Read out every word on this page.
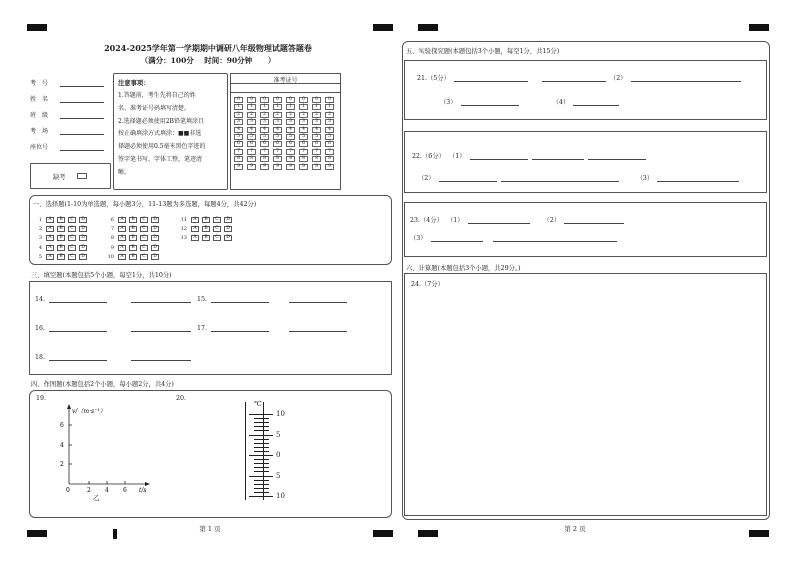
2024-2025学年第一学期期中调研八年级物理试题答题卷
（满分：100分    时间：90分钟      ）
考　号
姓　名
班　级
考　场
座位号
注意事项：
1.答题前，考生先将自己的姓
名、准考证号码填写清楚。
2.选择题必须使用2B铅笔填涂且
按正确填涂方式填涂：■■非选
择题必须使用0.5毫米黑色字迹的
签字笔书写，字体工整，笔迹清
晰。
准考证号
0	0	0	0	0	0	0	0
1	1	1	1	1	1	1	1
2	2	2	2	2	2	2	2
3	3	3	3	3	3	3	3
4	4	4	4	4	4	4	4
5	5	5	5	5	5	5	5
6	6	6	6	6	6	6	6
7	7	7	7	7	7	7	7
8	8	8	8	8	8	8	8
9	9	9	9	9	9	9	9
缺考
一、选择题(1-10为单选题，每小题3分，11-13题为多选题，每题4分，共42分)
1	A	B	C	D
2	A	B	C	D
3	A	B	C	D
4	A	B	C	D
5	A	B	C	D
6	A	B	C	D
7	A	B	C	D
8	A	B	C	D
9	A	B	C	D
10	A	B	C	D
11	A	B	C	D
12	A	B	C	D
13	A	B	C	D
三、填空题(本题包括5个小题，每空1分，共10分)
14.	15.
16.	17.
18.
四、作图题(本题包括2个小题，每小题2分，共4分)
19.	20.
v/（m·s⁻¹）
6
4
2
0	2 4 6 t/s
乙
℃
10
5
0
5
10
第 1 页
五、实验探究题(本题包括3个小题，每空1分，共15分)
21.（5分）	（2）
（3）	（4）
22.（6分） （1）
（2）	（3）
23.（4分） （1）	（2）
（3）
六、计算题(本题包括3个小题，共29分。)
24.（7分）
第 2 页
